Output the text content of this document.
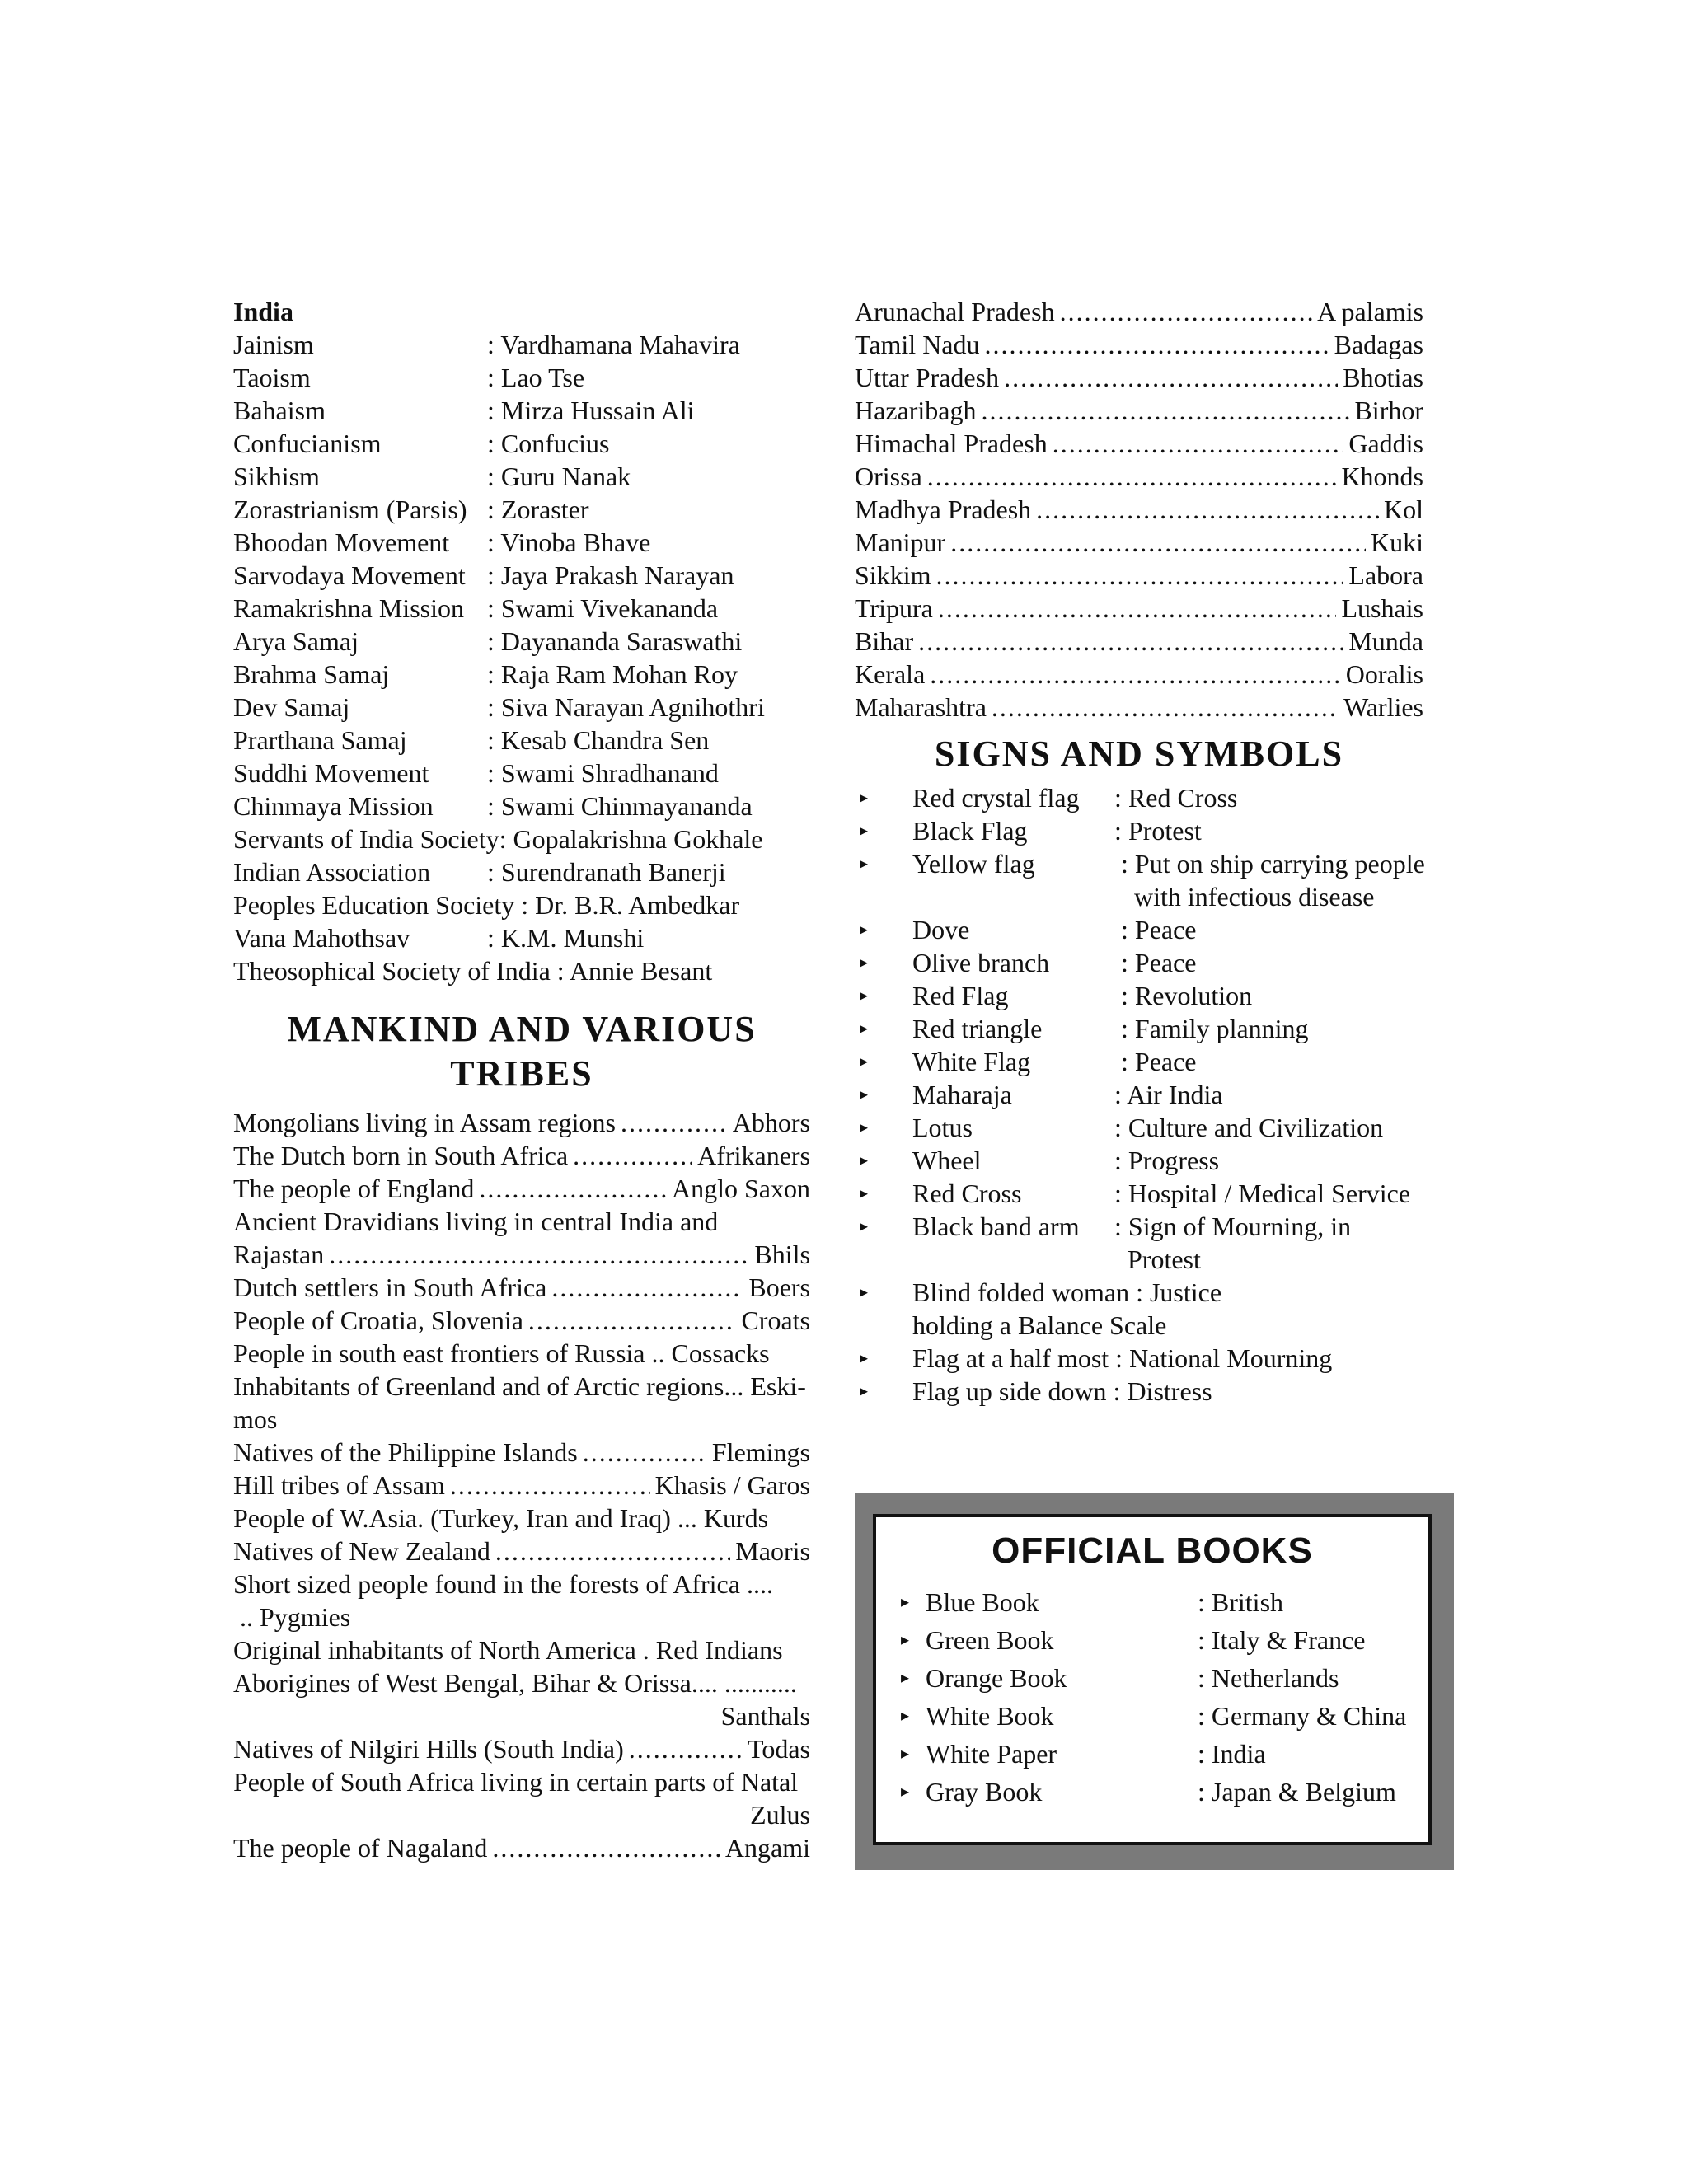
India
Jainism	: Vardhamana Mahavira
Taoism	: Lao Tse
Bahaism	: Mirza Hussain Ali
Confucianism	: Confucius
Sikhism	: Guru Nanak
Zorastrianism (Parsis) : Zoraster
Bhoodan Movement	: Vinoba Bhave
Sarvodaya Movement : Jaya Prakash Narayan
Ramakrishna Mission : Swami Vivekananda
Arya Samaj	: Dayananda Saraswathi
Brahma Samaj	: Raja Ram Mohan Roy
Dev Samaj	: Siva Narayan Agnihothri
Prarthana Samaj	: Kesab Chandra Sen
Suddhi Movement	: Swami Shradhanand
Chinmaya Mission	: Swami Chinmayananda
Servants of India Society: Gopalakrishna Gokhale
Indian Association	: Surendranath Banerji
Peoples Education Society : Dr. B.R. Ambedkar
Vana Mahothsav	: K.M. Munshi
Theosophical Society of India : Annie Besant
MANKIND AND VARIOUS
TRIBES
Mongolians living in Assam regions . . .	Abhors
The Dutch born in South Africa . . .	Afrikaners
The people of England . . .	Anglo Saxon
Ancient Dravidians living in central India and
Rajastan . . .	Bhils
Dutch settlers in South Africa . . .	Boers
People of Croatia, Slovenia . . .	Croats
People in south east frontiers of Russia .. Cossacks
Inhabitants of Greenland and of Arctic regions... Eski-
mos
Natives of the Philippine Islands . . .	Flemings
Hill tribes of Assam . . .	Khasis / Garos
People of W.Asia. (Turkey, Iran and Iraq) ... Kurds
Natives of New Zealand . . .	Maoris
Short sized people found in the forests of Africa ....
.. Pygmies
Original inhabitants of North America . Red Indians
Aborigines of West Bengal, Bihar & Orissa.... ...........
Santhals
Natives of Nilgiri Hills (South India) . . .	Todas
People of South Africa living in certain parts of Natal
Zulus
The people of Nagaland . . .	Angami
Arunachal Pradesh . . .	A palamis
Tamil Nadu . . .	Badagas
Uttar Pradesh . . .	Bhotias
Hazaribagh . . .	Birhor
Himachal Pradesh . . .	Gaddis
Orissa . . .	Khonds
Madhya Pradesh . . .	Kol
Manipur . . .	Kuki
Sikkim . . .	Labora
Tripura . . .	Lushais
Bihar . . .	Munda
Kerala . . .	Ooralis
Maharashtra . . .	Warlies
SIGNS AND SYMBOLS
▸	Red crystal flag	: Red Cross
▸	Black Flag	: Protest
▸	Yellow flag	: Put on ship carrying people
with infectious disease
▸	Dove	: Peace
▸	Olive branch	: Peace
▸	Red Flag	: Revolution
▸	Red triangle	: Family planning
▸	White Flag	: Peace
▸	Maharaja	: Air India
▸	Lotus	: Culture and Civilization
▸	Wheel	: Progress
▸	Red Cross	: Hospital / Medical Service
▸	Black band arm	: Sign of Mourning, in
Protest
▸	Blind folded woman : Justice
holding a Balance Scale
▸	Flag at a half most : National Mourning
▸	Flag up side down : Distress
OFFICIAL BOOKS
▸ Blue Book	: British
▸ Green Book	: Italy & France
▸ Orange Book	: Netherlands
▸ White Book	: Germany & China
▸ White Paper	: India
▸ Gray Book	: Japan & Belgium
